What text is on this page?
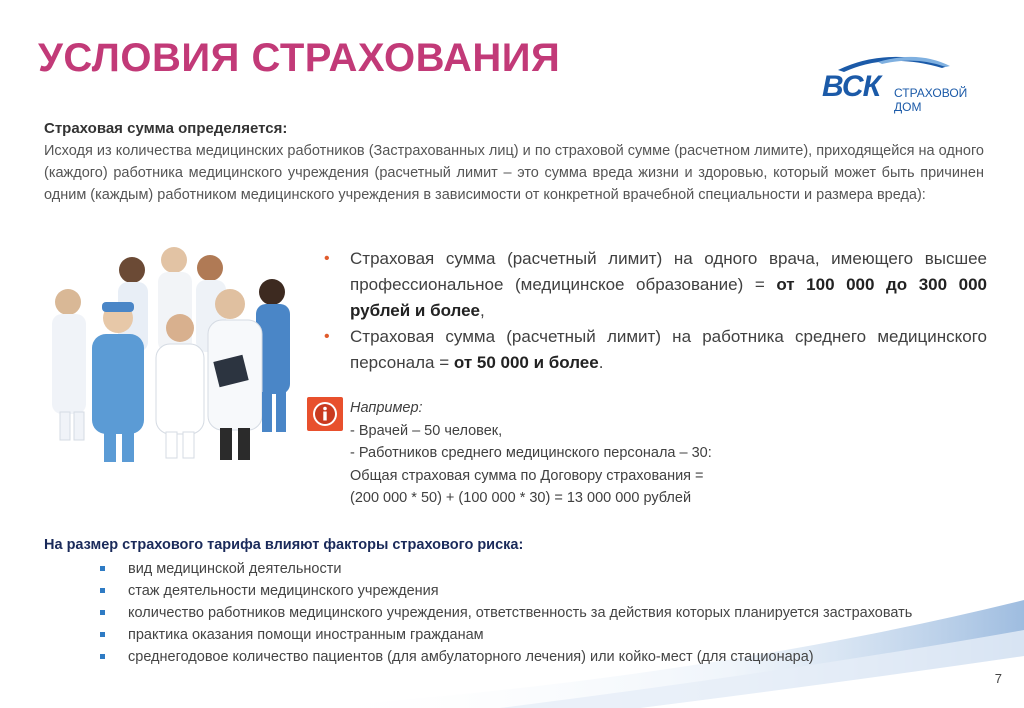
УСЛОВИЯ СТРАХОВАНИЯ
ВСК СТРАХОВОЙ ДОМ
Страховая сумма определяется:
Исходя из количества медицинских работников (Застрахованных лиц) и по страховой сумме (расчетном лимите), приходящейся на одного (каждого) работника медицинского учреждения (расчетный лимит – это сумма вреда жизни и здоровью, который может быть причинен одним (каждым) работником медицинского учреждения в зависимости от конкретной врачебной специальности и размера вреда):
• Страховая сумма (расчетный лимит) на одного врача, имеющего высшее профессиональное (медицинское образование) = от 100 000 до 300 000 рублей и более,
• Страховая сумма (расчетный лимит) на работника среднего медицинского персонала = от 50 000 и более.
Например:
- Врачей – 50 человек,
- Работников среднего медицинского персонала – 30:
Общая страховая сумма по Договору страхования =
(200 000 * 50) + (100 000 * 30) = 13 000 000 рублей
На размер страхового тарифа влияют факторы страхового риска:
вид медицинской деятельности
стаж деятельности медицинского учреждения
количество работников медицинского учреждения, ответственность за действия которых планируется застраховать
практика оказания помощи иностранным гражданам
среднегодовое количество пациентов (для амбулаторного лечения) или койко-мест (для стационара)
7
